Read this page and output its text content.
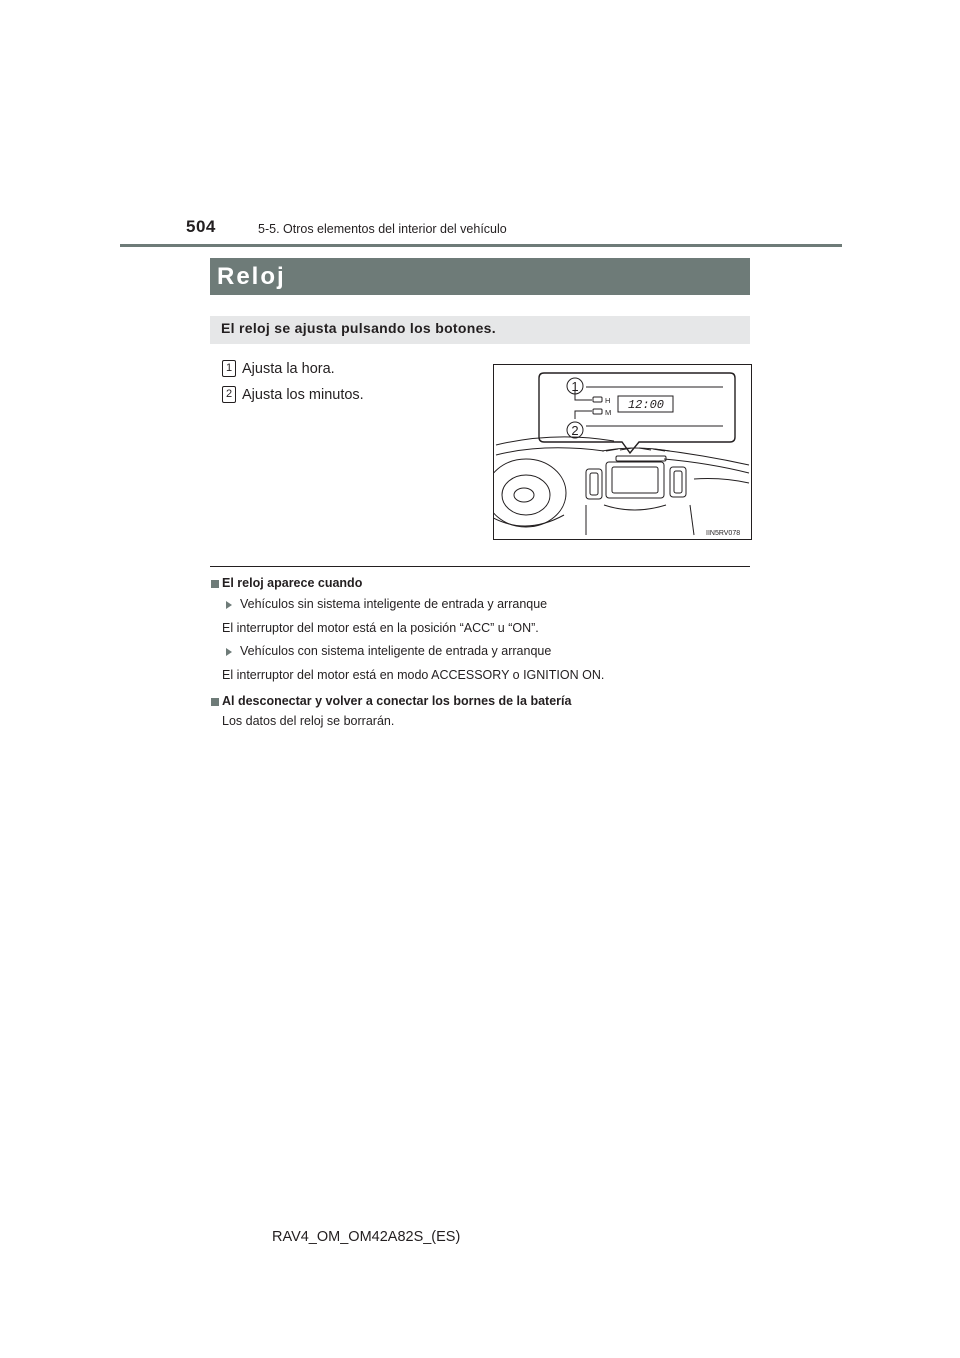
504	5-5. Otros elementos del interior del vehículo
Reloj
El reloj se ajusta pulsando los botones.
1 Ajusta la hora.
2 Ajusta los minutos.
1
2
H
M
12:00
IIN5RV078
El reloj aparece cuando
Vehículos sin sistema inteligente de entrada y arranque
El interruptor del motor está en la posición “ACC” u “ON”.
Vehículos con sistema inteligente de entrada y arranque
El interruptor del motor está en modo ACCESSORY o IGNITION ON.
Al desconectar y volver a conectar los bornes de la batería
Los datos del reloj se borrarán.
RAV4_OM_OM42A82S_(ES)
